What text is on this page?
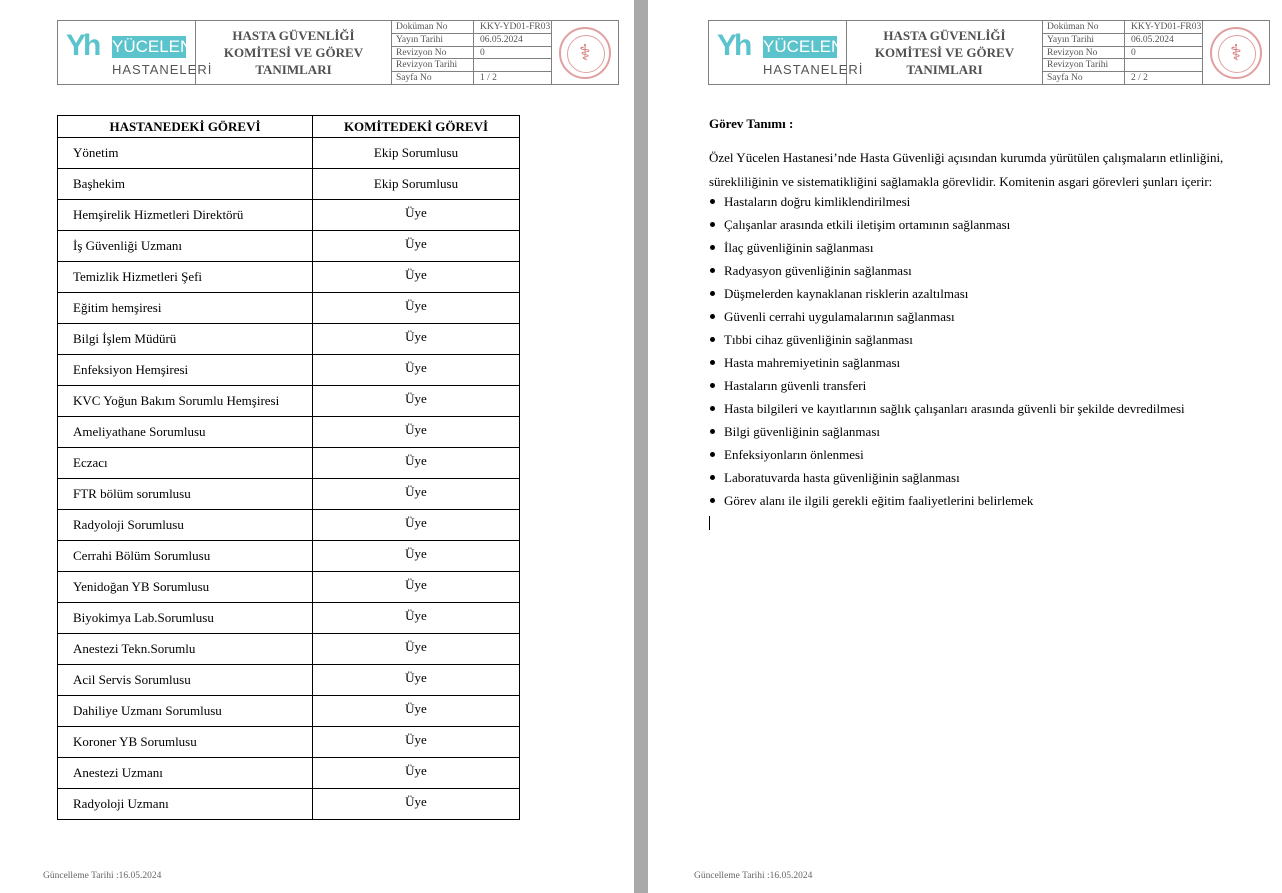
Yh YÜCELEN
HASTANELERİ
HASTA GÜVENLİĞİ KOMİTESİ VE GÖREV TANIMLARI
Doküman No	KKY-YD01-FR03
Yayın Tarihi	06.05.2024
Revizyon No	0
Revizyon Tarihi
Sayfa No	1 / 2
⚕
HASTANEDEKİ GÖREVİ	KOMİTEDEKİ GÖREVİ
Yönetim	Ekip Sorumlusu
Başhekim	Ekip Sorumlusu
Hemşirelik Hizmetleri Direktörü	Üye
İş Güvenliği Uzmanı	Üye
Temizlik Hizmetleri Şefi	Üye
Eğitim hemşiresi	Üye
Bilgi İşlem Müdürü	Üye
Enfeksiyon Hemşiresi	Üye
KVC Yoğun Bakım Sorumlu Hemşiresi	Üye
Ameliyathane Sorumlusu	Üye
Eczacı	Üye
FTR bölüm sorumlusu	Üye
Radyoloji Sorumlusu	Üye
Cerrahi Bölüm Sorumlusu	Üye
Yenidoğan YB Sorumlusu	Üye
Biyokimya Lab.Sorumlusu	Üye
Anestezi Tekn.Sorumlu	Üye
Acil Servis Sorumlusu	Üye
Dahiliye Uzmanı Sorumlusu	Üye
Koroner YB Sorumlusu	Üye
Anestezi Uzmanı	Üye
Radyoloji Uzmanı	Üye
Güncelleme Tarihi :16.05.2024
Yh YÜCELEN
HASTANELERİ
HASTA GÜVENLİĞİ KOMİTESİ VE GÖREV TANIMLARI
Doküman No	KKY-YD01-FR03
Yayın Tarihi	06.05.2024
Revizyon No	0
Revizyon Tarihi
Sayfa No	2 / 2
⚕
Görev Tanımı :
Özel Yücelen Hastanesi’nde Hasta Güvenliği açısından kurumda yürütülen çalışmaların etlinliğini, sürekliliğinin ve sistematikliğini sağlamakla görevlidir. Komitenin asgari görevleri şunları içerir:
Hastaların doğru kimliklendirilmesi
Çalışanlar arasında etkili iletişim ortamının sağlanması
İlaç güvenliğinin sağlanması
Radyasyon güvenliğinin sağlanması
Düşmelerden kaynaklanan risklerin azaltılması
Güvenli cerrahi uygulamalarının sağlanması
Tıbbi cihaz güvenliğinin sağlanması
Hasta mahremiyetinin sağlanması
Hastaların güvenli transferi
Hasta bilgileri ve kayıtlarının sağlık çalışanları arasında güvenli bir şekilde devredilmesi
Bilgi güvenliğinin sağlanması
Enfeksiyonların önlenmesi
Laboratuvarda hasta güvenliğinin sağlanması
Görev alanı ile ilgili gerekli eğitim faaliyetlerini belirlemek
Güncelleme Tarihi :16.05.2024
